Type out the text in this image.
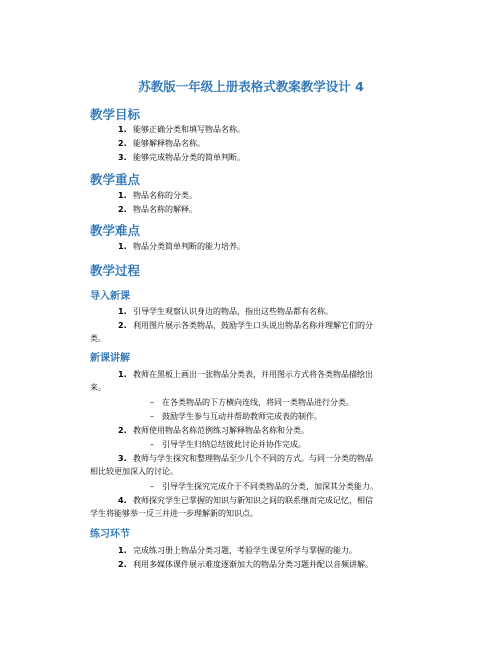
苏教版一年级上册表格式教案教学设计 4
教学目标
1. 能够正确分类和填写物品名称。
2. 能够解释物品名称。
3. 能够完成物品分类的简单判断。
教学重点
1. 物品名称的分类。
2. 物品名称的解释。
教学难点
1. 物品分类简单判断的能力培养。
教学过程
导入新课
1. 引导学生观察认识身边的物品，指出这些物品都有名称。
2. 利用图片展示各类物品，鼓励学生口头说出物品名称并理解它们的分
类。
新课讲解
1. 教师在黑板上画出一张物品分类表，并用图示方式将各类物品描绘出
来。
– 在各类物品的下方横向连线，将同一类物品进行分类。
– 鼓励学生参与互动并帮助教师完成表的制作。
2. 教师使用物品名称范例练习解释物品名称和分类。
– 引导学生归纳总结彼此讨论并协作完成。
3. 教师与学生探究和整理物品至少几个不同的方式。与同一分类的物品
相比较更加深入的讨论。
– 引导学生探究完成介于不同类物品的分类，加深其分类能力。
4. 教师探究学生已掌握的知识与新知识之间的联系继而完成记忆，相信
学生将能够举一反三并进一步理解新的知识点。
练习环节
1. 完成练习册上物品分类习题，考验学生课堂所学与掌握的能力。
2. 利用多媒体课件展示难度逐渐加大的物品分类习题并配以音频讲解。
